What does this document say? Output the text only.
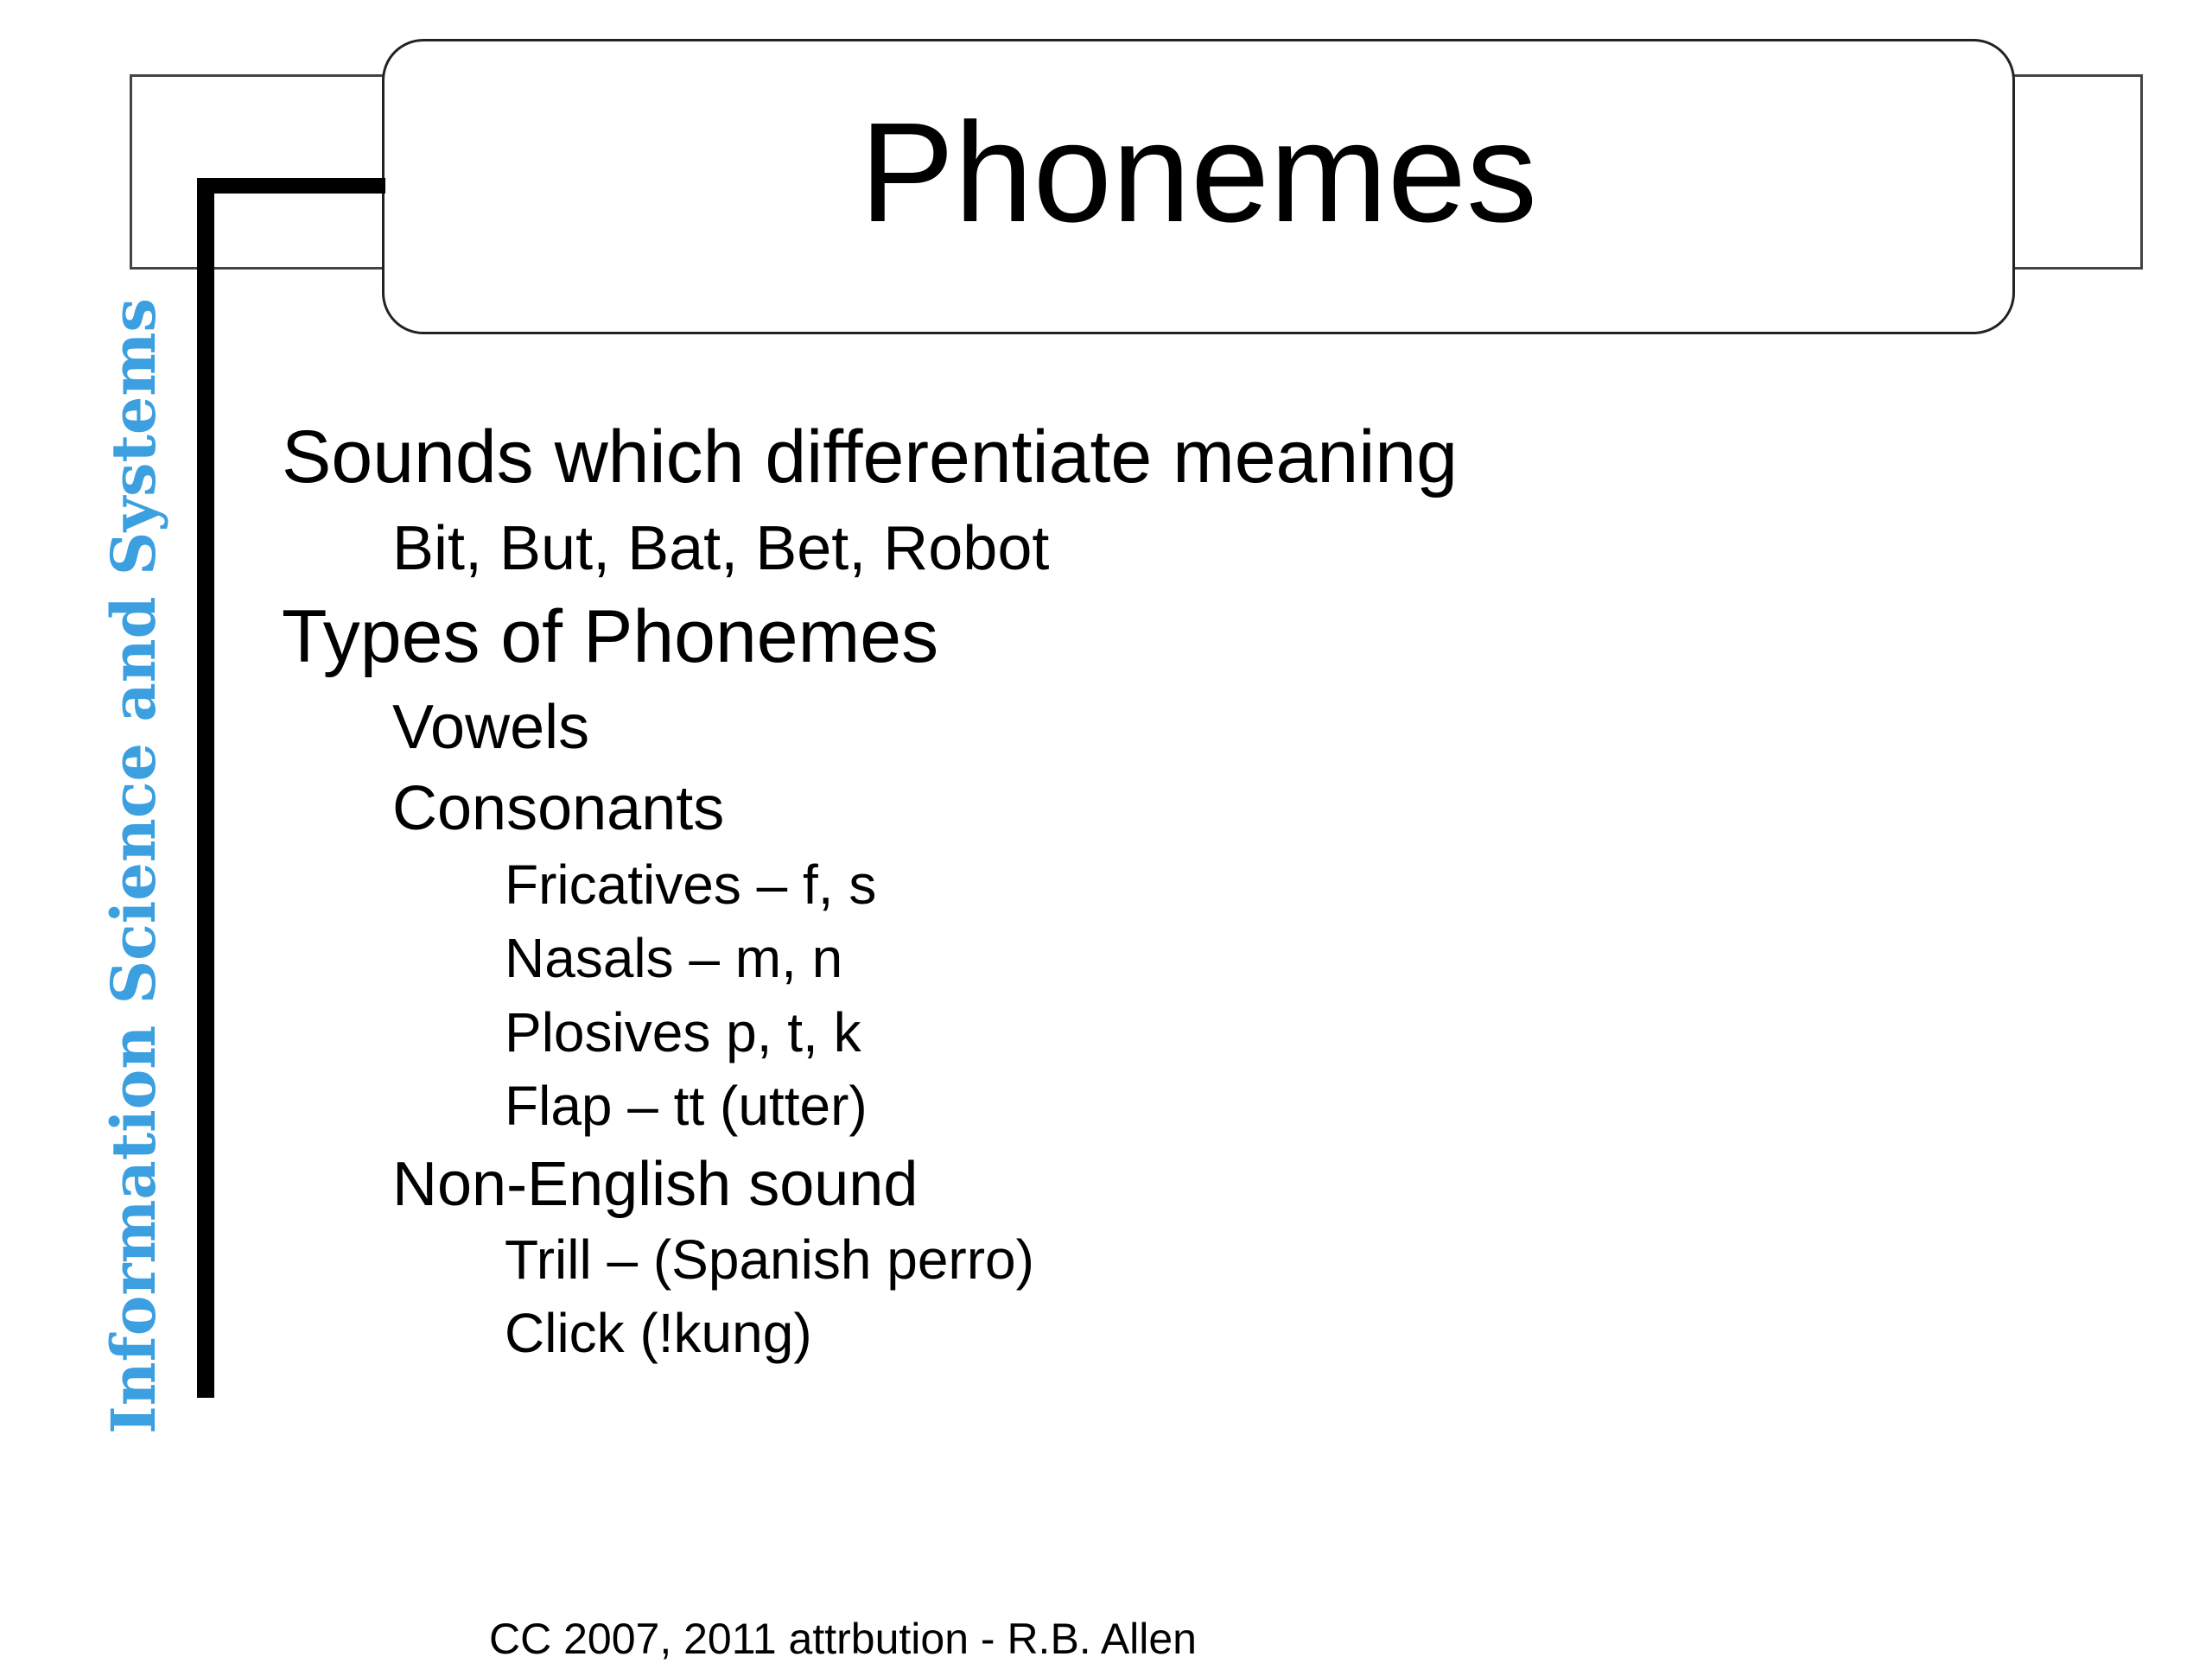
Phonemes
Information Science and Systems Sounds which differentiate meaning
Bit, But, Bat, Bet, Robot
Types of Phonemes
Vowels
Consonants
Fricatives – f, s
Nasals – m, n
Plosives p, t, k
Flap – tt (utter)
Non-English sound
Trill – (Spanish perro)
Click (!kung)
CC 2007, 2011 attrbution - R.B. Allen
